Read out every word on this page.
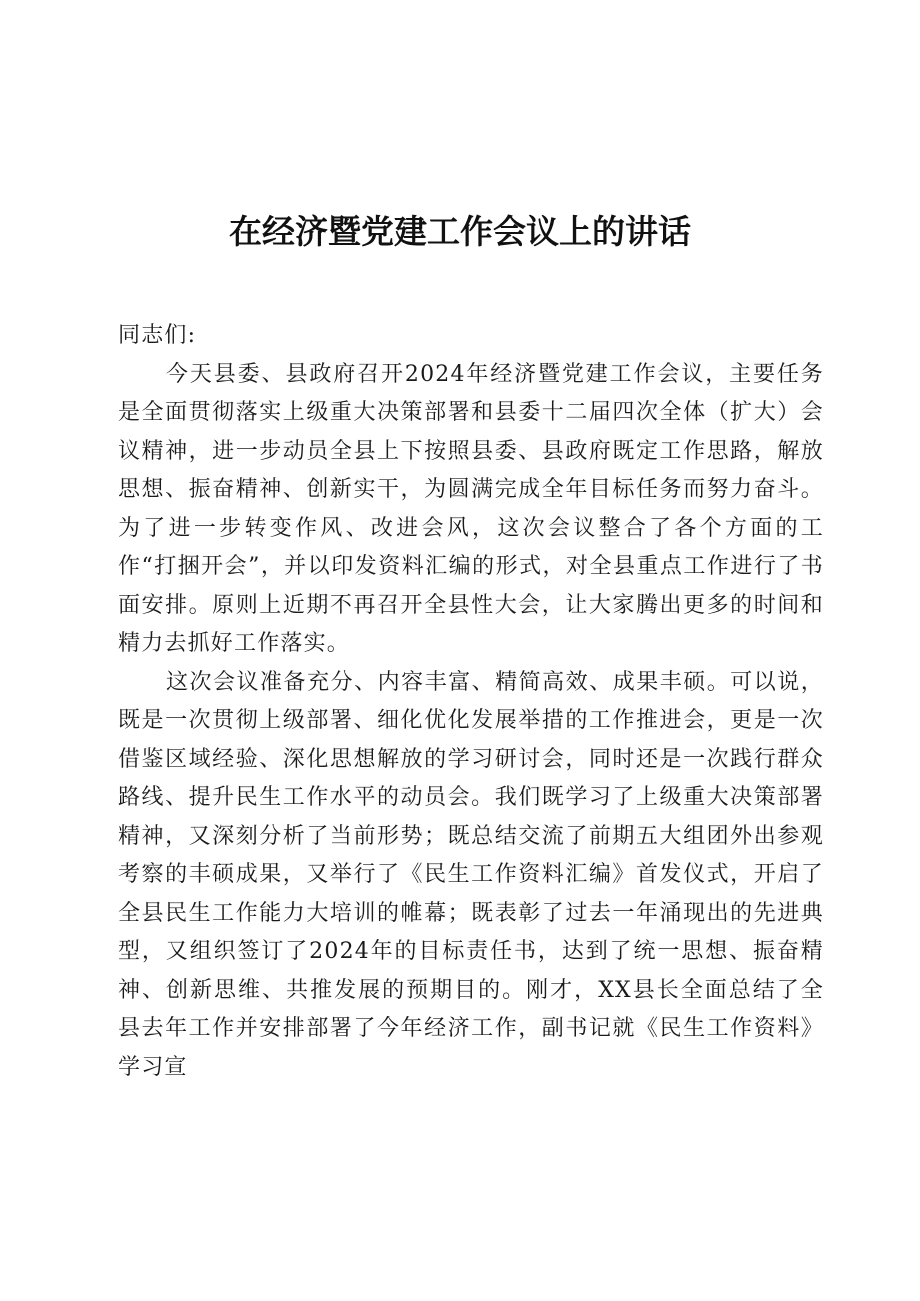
在经济暨党建工作会议上的讲话

同志们:

今天县委、县政府召开2024年经济暨党建工作会议，主要任务是全面贯彻落实上级重大决策部署和县委十二届四次全体（扩大）会议精神，进一步动员全县上下按照县委、县政府既定工作思路，解放思想、振奋精神、创新实干，为圆满完成全年目标任务而努力奋斗。为了进一步转变作风、改进会风，这次会议整合了各个方面的工作“打捆开会”，并以印发资料汇编的形式，对全县重点工作进行了书面安排。原则上近期不再召开全县性大会，让大家腾出更多的时间和精力去抓好工作落实。

这次会议准备充分、内容丰富、精简高效、成果丰硕。可以说，既是一次贯彻上级部署、细化优化发展举措的工作推进会，更是一次借鉴区域经验、深化思想解放的学习研讨会，同时还是一次践行群众路线、提升民生工作水平的动员会。我们既学习了上级重大决策部署精神，又深刻分析了当前形势；既总结交流了前期五大组团外出参观考察的丰硕成果，又举行了《民生工作资料汇编》首发仪式，开启了全县民生工作能力大培训的帷幕；既表彰了过去一年涌现出的先进典型，又组织签订了2024年的目标责任书，达到了统一思想、振奋精神、创新思维、共推发展的预期目的。刚才，XX县长全面总结了全县去年工作并安排部署了今年经济工作，副书记就《民生工作资料》学习宣
